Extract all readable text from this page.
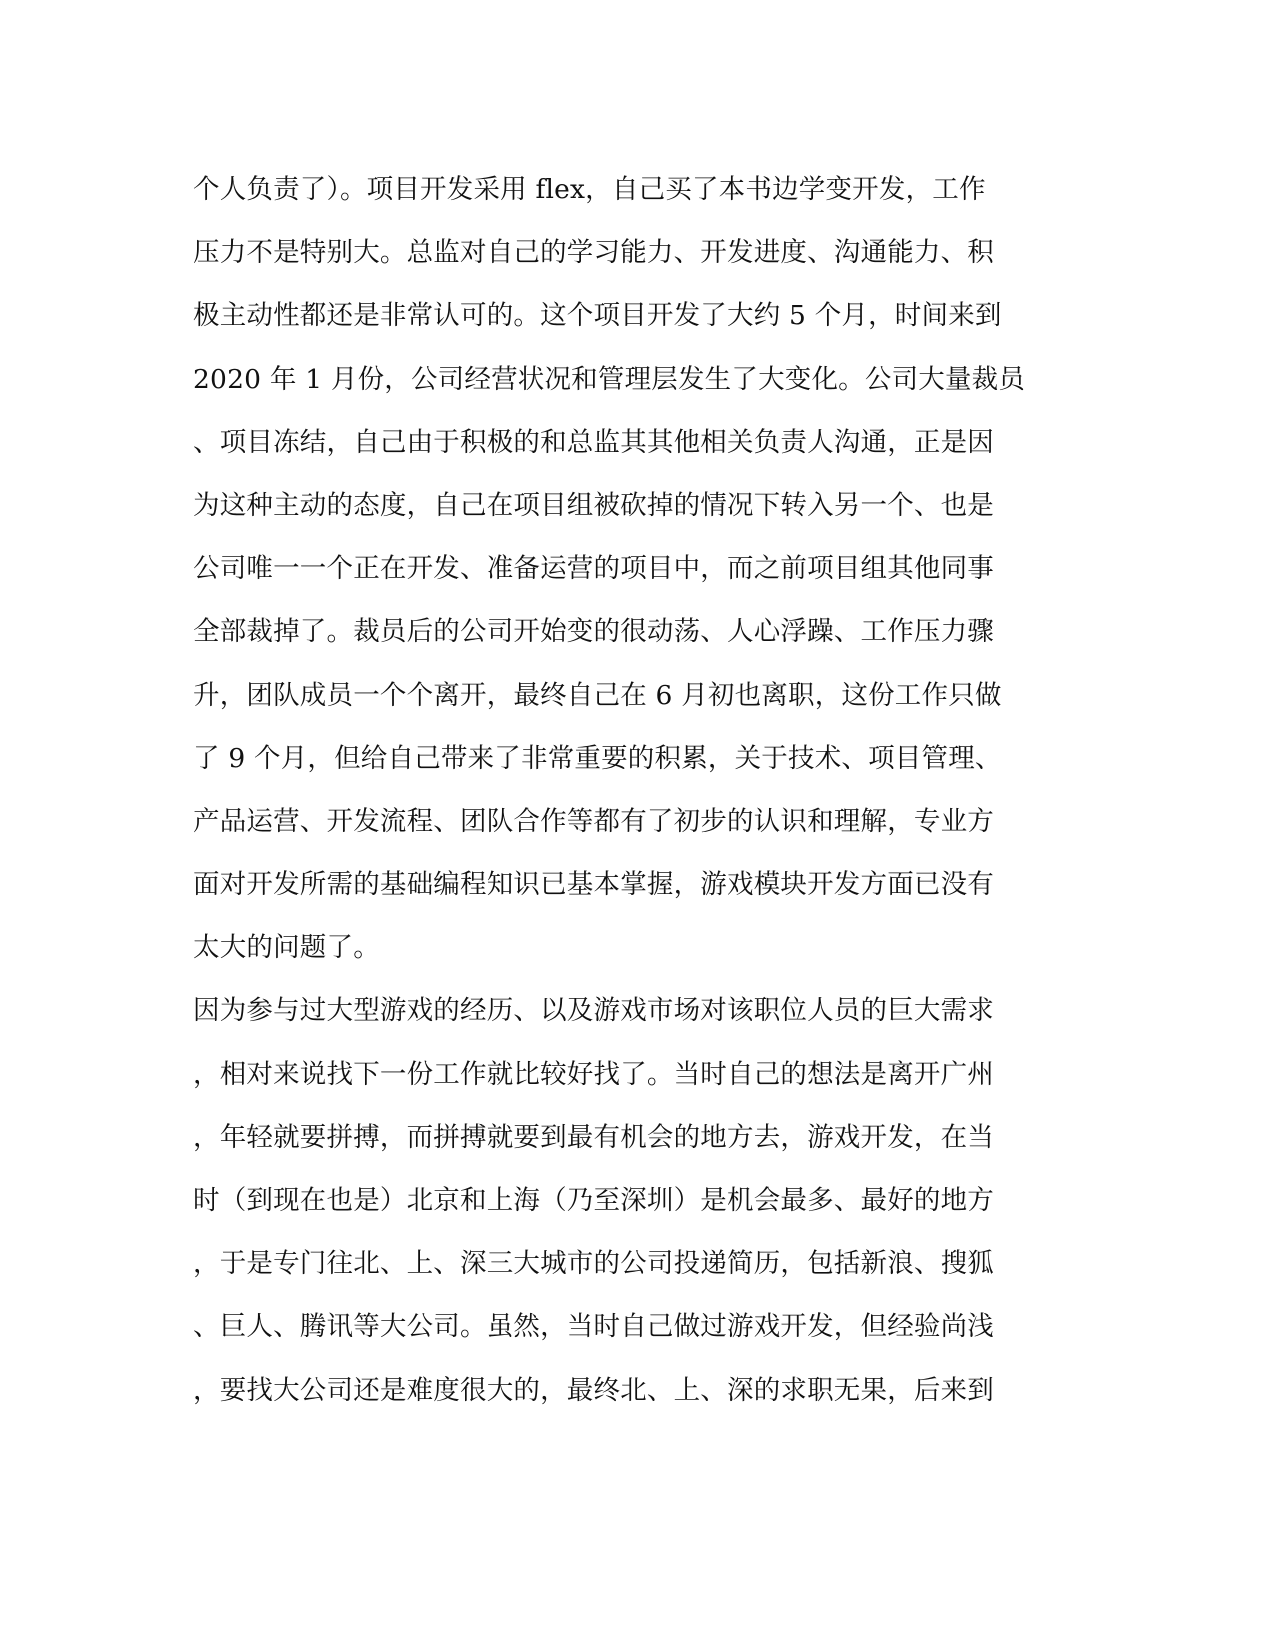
个人负责了）。项目开发采用 flex，自己买了本书边学变开发，工作
压力不是特别大。总监对自己的学习能力、开发进度、沟通能力、积
极主动性都还是非常认可的。这个项目开发了大约 5 个月，时间来到
2020 年 1 月份，公司经营状况和管理层发生了大变化。公司大量裁员
、项目冻结，自己由于积极的和总监其其他相关负责人沟通，正是因
为这种主动的态度，自己在项目组被砍掉的情况下转入另一个、也是
公司唯一一个正在开发、准备运营的项目中，而之前项目组其他同事
全部裁掉了。裁员后的公司开始变的很动荡、人心浮躁、工作压力骤
升，团队成员一个个离开，最终自己在 6 月初也离职，这份工作只做
了 9 个月，但给自己带来了非常重要的积累，关于技术、项目管理、
产品运营、开发流程、团队合作等都有了初步的认识和理解，专业方
面对开发所需的基础编程知识已基本掌握，游戏模块开发方面已没有
太大的问题了。
因为参与过大型游戏的经历、以及游戏市场对该职位人员的巨大需求
，相对来说找下一份工作就比较好找了。当时自己的想法是离开广州
，年轻就要拼搏，而拼搏就要到最有机会的地方去，游戏开发，在当
时（到现在也是）北京和上海（乃至深圳）是机会最多、最好的地方
，于是专门往北、上、深三大城市的公司投递简历，包括新浪、搜狐
、巨人、腾讯等大公司。虽然，当时自己做过游戏开发，但经验尚浅
，要找大公司还是难度很大的，最终北、上、深的求职无果，后来到
